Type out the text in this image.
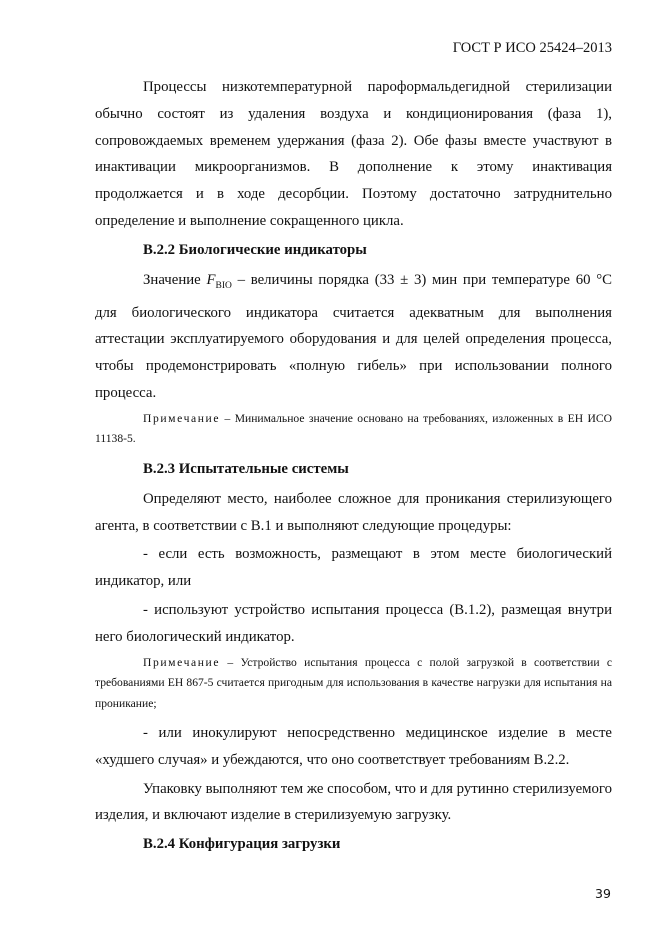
ГОСТ Р ИСО 25424–2013

Процессы низкотемпературной пароформальдегидной стерилизации обычно состоят из удаления воздуха и кондиционирования (фаза 1), сопровождаемых временем удержания (фаза 2). Обе фазы вместе участвуют в инактивации микроорганизмов. В дополнение к этому инактивация продолжается и в ходе десорбции. Поэтому достаточно затруднительно определение и выполнение сокращенного цикла.

B.2.2 Биологические индикаторы

Значение $F_{BIO}$ – величины порядка (33 ± 3) мин при температуре 60 °С для биологического индикатора считается адекватным для выполнения аттестации эксплуатируемого оборудования и для целей определения процесса, чтобы продемонстрировать «полную гибель» при использовании полного процесса.

Примечание – Минимальное значение основано на требованиях, изложенных в ЕН ИСО 11138-5.

B.2.3 Испытательные системы

Определяют место, наиболее сложное для проникания стерилизующего агента, в соответствии с В.1 и выполняют следующие процедуры:

- если есть возможность, размещают в этом месте биологический индикатор, или

- используют устройство испытания процесса (В.1.2), размещая внутри него биологический индикатор.

Примечание – Устройство испытания процесса с полой загрузкой в соответствии с требованиями ЕН 867-5 считается пригодным для использования в качестве нагрузки для испытания на проникание;

- или инокулируют непосредственно медицинское изделие в месте «худшего случая» и убеждаются, что оно соответствует требованиям В.2.2.

Упаковку выполняют тем же способом, что и для рутинно стерилизуемого изделия, и включают изделие в стерилизуемую загрузку.

B.2.4 Конфигурация загрузки
39
